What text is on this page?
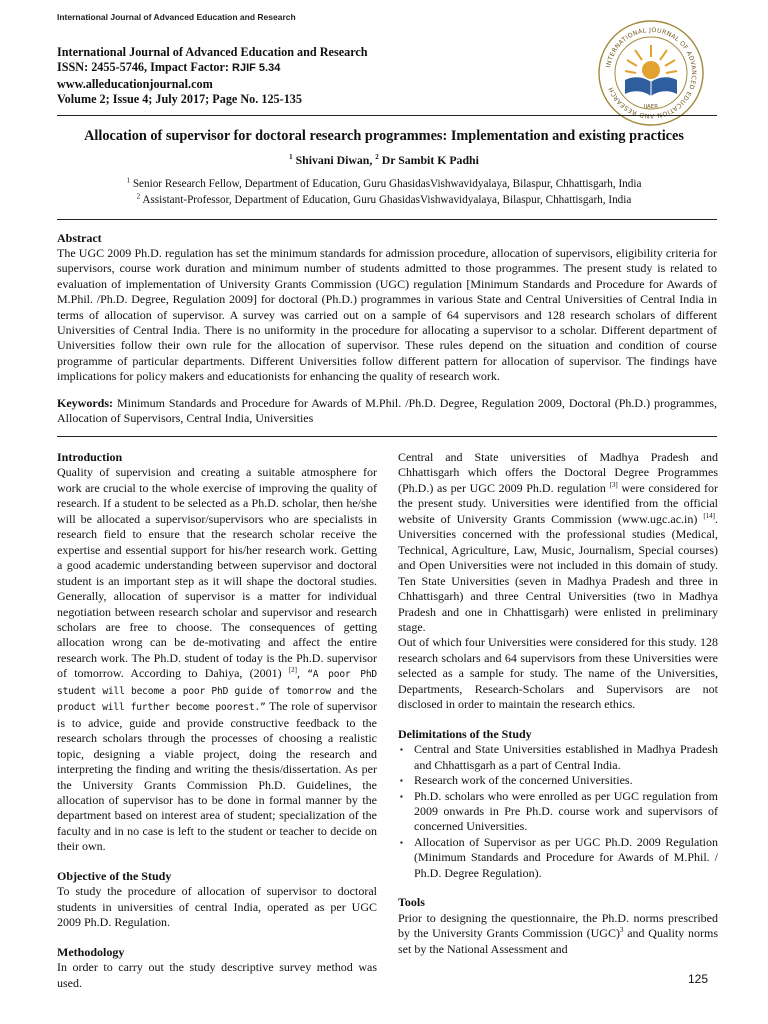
International Journal of Advanced Education and Research
International Journal of Advanced Education and Research
ISSN: 2455-5746, Impact Factor: RJIF 5.34
www.alleducationjournal.com
Volume 2; Issue 4; July 2017; Page No. 125-135
INTERNATIONAL JOURNAL OF ADVANCED EDUCATION AND RESEARCH
IJAER
Allocation of supervisor for doctoral research programmes: Implementation and existing practices
$^1$ Shivani Diwan, $^2$ Dr Sambit K Padhi
$^1$ Senior Research Fellow, Department of Education, Guru GhasidasVishwavidyalaya, Bilaspur, Chhattisgarh, India
$^2$ Assistant-Professor, Department of Education, Guru GhasidasVishwavidyalaya, Bilaspur, Chhattisgarh, India
Abstract

The UGC 2009 Ph.D. regulation has set the minimum standards for admission procedure, allocation of supervisors, eligibility criteria for supervisors, course work duration and minimum number of students admitted to those programmes. The present study is related to evaluation of implementation of University Grants Commission (UGC) regulation [Minimum Standards and Procedure for Awards of M.Phil. /Ph.D. Degree, Regulation 2009] for doctoral (Ph.D.) programmes in various State and Central Universities of Central India in terms of allocation of supervisor. A survey was carried out on a sample of 64 supervisors and 128 research scholars of different Universities of Central India. There is no uniformity in the procedure for allocating a supervisor to a scholar. Different department of Universities follow their own rule for the allocation of supervisor. These rules depend on the situation and condition of course programme of particular departments. Different Universities follow different pattern for allocation of supervisor. The findings have implications for policy makers and educationists for enhancing the quality of research work.

Keywords: Minimum Standards and Procedure for Awards of M.Phil. /Ph.D. Degree, Regulation 2009, Doctoral (Ph.D.) programmes, Allocation of Supervisors, Central India, Universities

Introduction

Quality of supervision and creating a suitable atmosphere for work are crucial to the whole exercise of improving the quality of research. If a student to be selected as a Ph.D. scholar, then he/she will be allocated a supervisor/supervisors who are specialists in research field to ensure that the research scholar receive the expertise and essential support for his/her research work. Getting a good academic understanding between supervisor and doctoral student is an important step as it will shape the doctoral studies. Generally, allocation of supervisor is a matter for individual negotiation between research scholar and supervisor and research scholars are free to choose. The consequences of getting allocation wrong can be de-motivating and affect the entire research work. The Ph.D. student of today is the Ph.D. supervisor of tomorrow. According to Dahiya, (2001) [2], “A poor PhD student will become a poor PhD guide of tomorrow and the product will further become poorest.” The role of supervisor is to advice, guide and provide constructive feedback to the research scholars through the processes of choosing a realistic topic, designing a viable project, doing the research and interpreting the finding and writing the thesis/dissertation. As per the University Grants Commission Ph.D. Guidelines, the allocation of supervisor has to be done in formal manner by the department based on interest area of student; specialization of the faculty and in no case is left to the student or teacher to decide on their own.

Objective of the Study

To study the procedure of allocation of supervisor to doctoral students in universities of central India, operated as per UGC 2009 Ph.D. Regulation.

Methodology

In order to carry out the study descriptive survey method was used.

Central and State universities of Madhya Pradesh and Chhattisgarh which offers the Doctoral Degree Programmes (Ph.D.) as per UGC 2009 Ph.D. regulation [3] were considered for the present study. Universities were identified from the official website of University Grants Commission (www.ugc.ac.in) [14]. Universities concerned with the professional studies (Medical, Technical, Agriculture, Law, Music, Journalism, Special courses) and Open Universities were not included in this domain of study. Ten State Universities (seven in Madhya Pradesh and three in Chhattisgarh) and three Central Universities (two in Madhya Pradesh and one in Chhattisgarh) were enlisted in preliminary stage.

Out of which four Universities were considered for this study. 128 research scholars and 64 supervisors from these Universities were selected as a sample for study. The name of the Universities, Departments, Research-Scholars and Supervisors are not disclosed in order to maintain the research ethics.

Delimitations of the Study
▪ Central and State Universities established in Madhya Pradesh and Chhattisgarh as a part of Central India.
▪ Research work of the concerned Universities.
▪ Ph.D. scholars who were enrolled as per UGC regulation from 2009 onwards in Pre Ph.D. course work and supervisors of concerned Universities.
▪ Allocation of Supervisor as per UGC Ph.D. 2009 Regulation (Minimum Standards and Procedure for Awards of M.Phil. / Ph.D. Degree Regulation).
Tools

Prior to designing the questionnaire, the Ph.D. norms prescribed by the University Grants Commission (UGC)$^3$ and Quality norms set by the National Assessment and

125
